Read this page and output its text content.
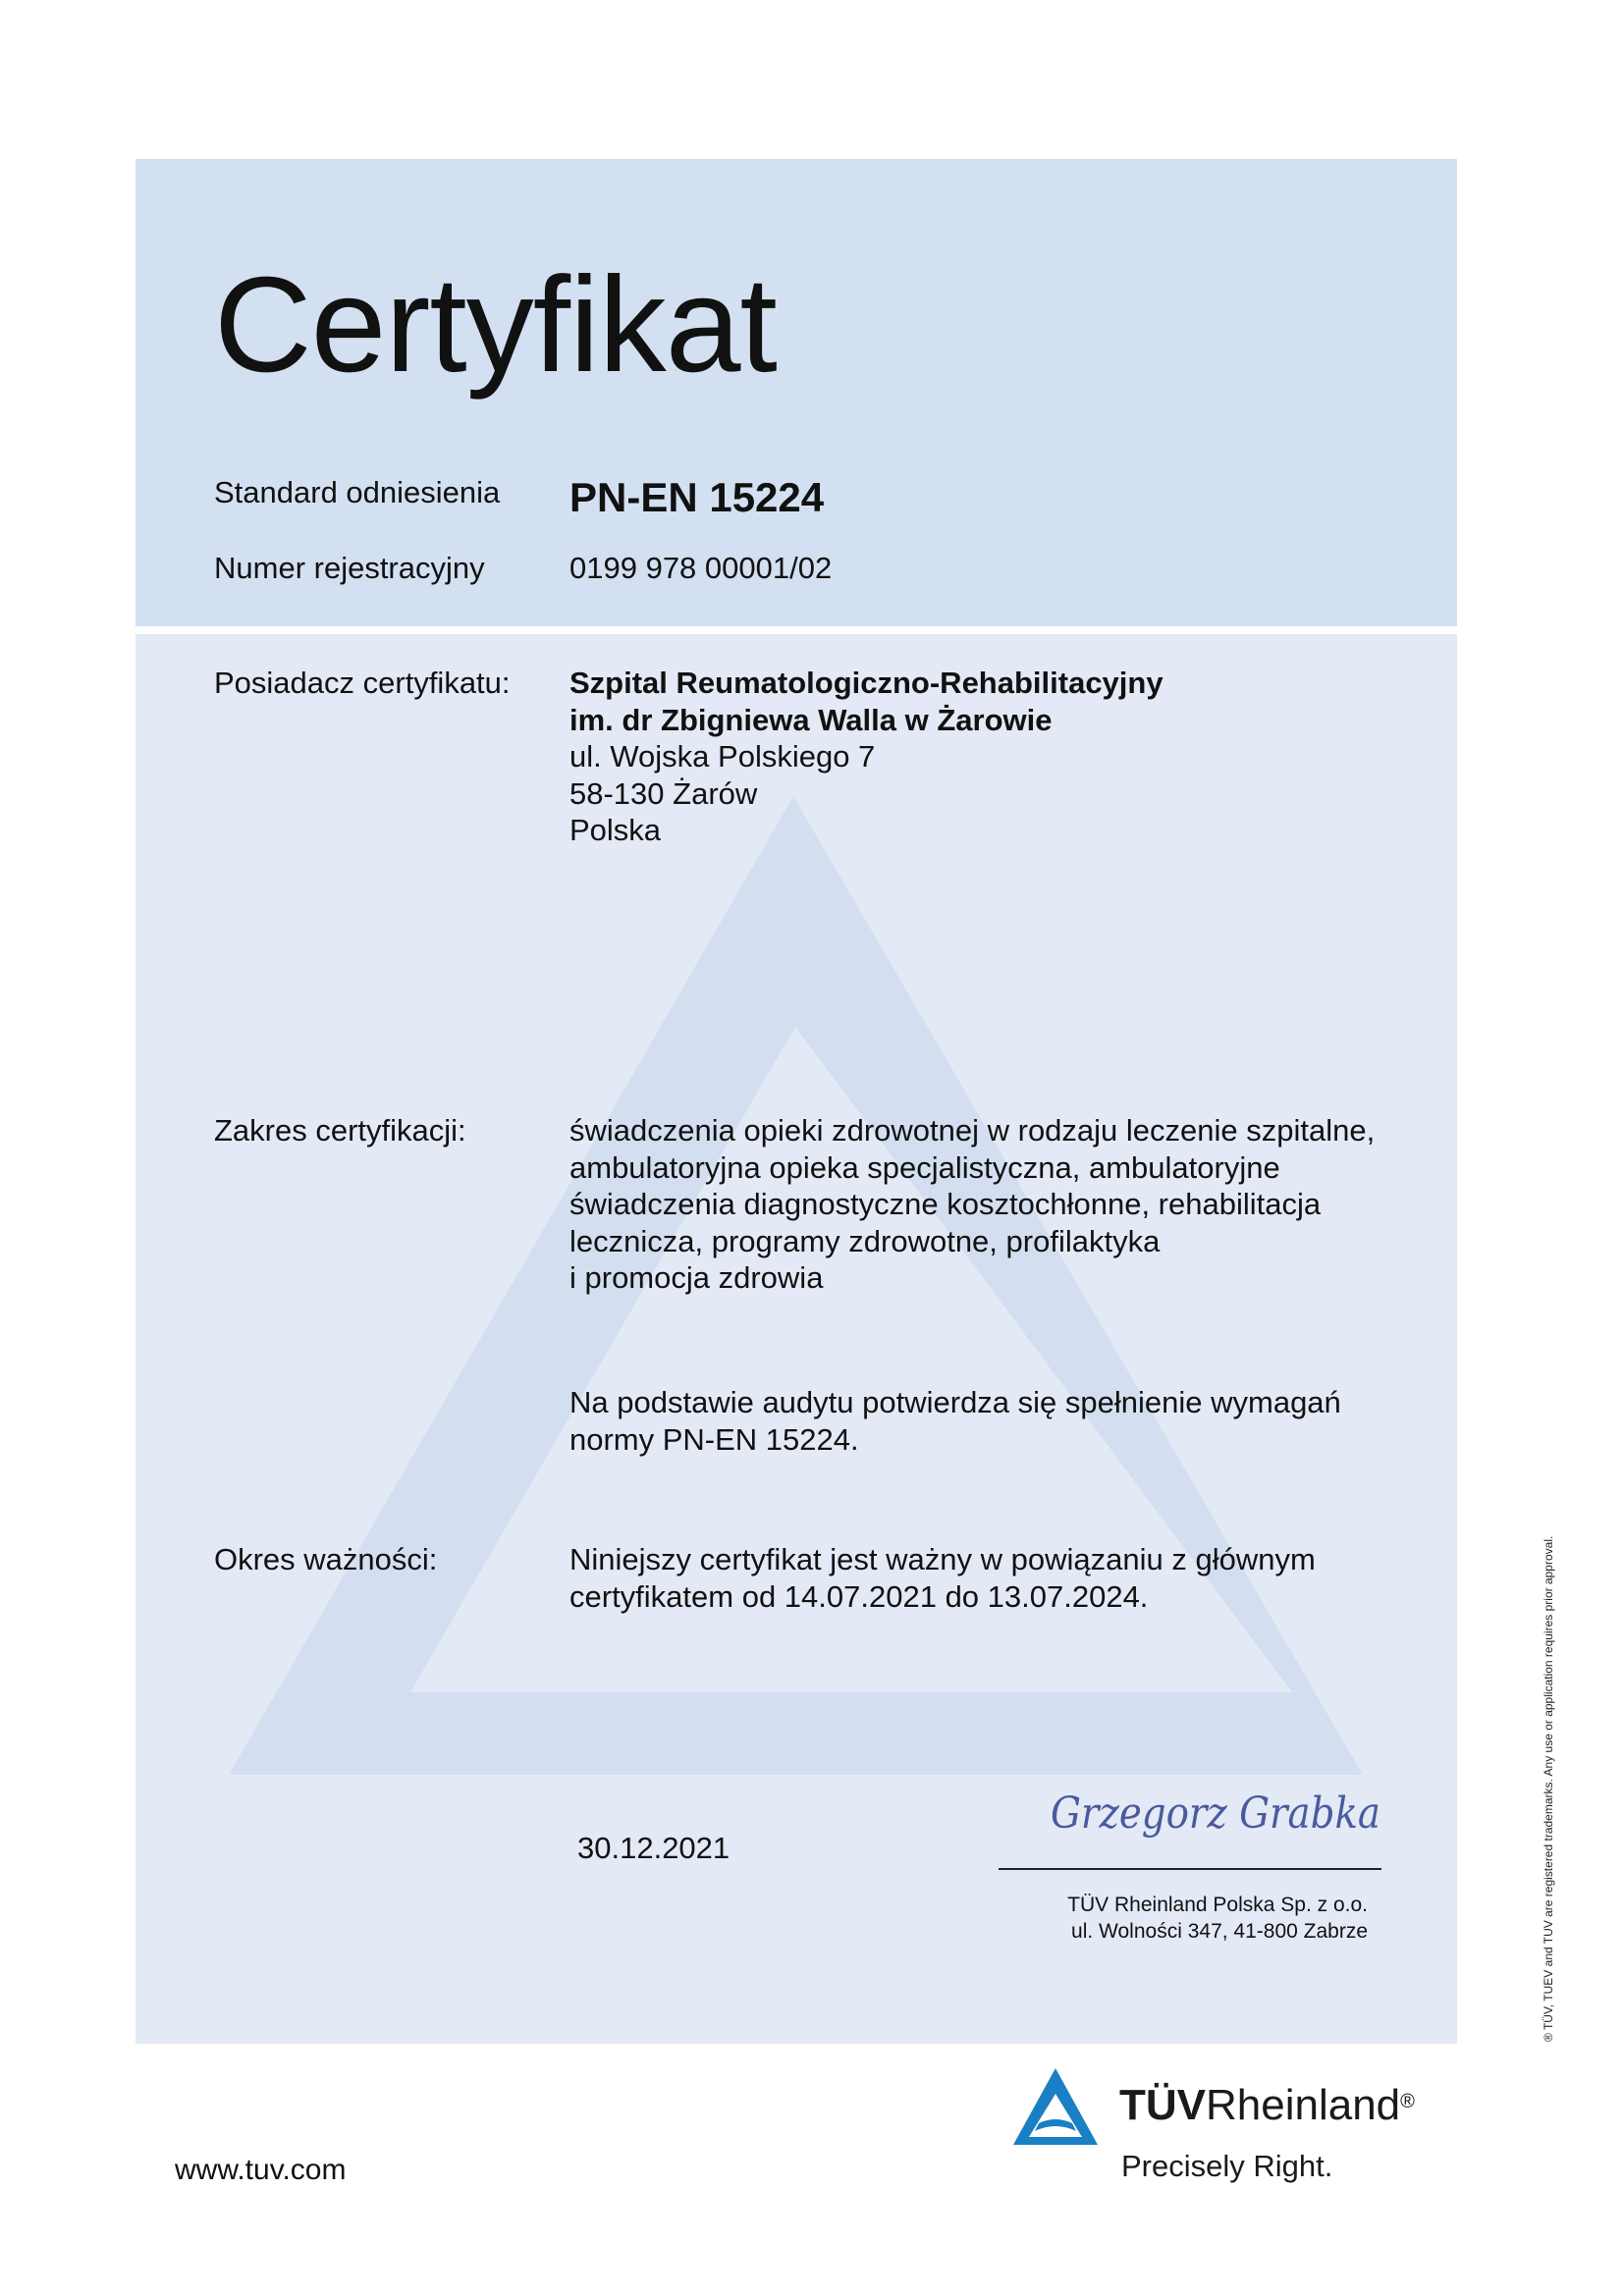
Certyfikat
Standard odniesienia PN-EN 15224
Numer rejestracyjny	0199 978 00001/02
Posiadacz certyfikatu: Szpital Reumatologiczno-Rehabilitacyjny
im. dr Zbigniewa Walla w Żarowie
ul. Wojska Polskiego 7
58-130 Żarów
Polska
Zakres certyfikacji:	świadczenia opieki zdrowotnej w rodzaju leczenie szpitalne,
ambulatoryjna opieka specjalistyczna, ambulatoryjne
świadczenia diagnostyczne kosztochłonne, rehabilitacja
lecznicza, programy zdrowotne, profilaktyka
i promocja zdrowia
Na podstawie audytu potwierdza się spełnienie wymagań
normy PN-EN 15224.
Okres ważności:	Niniejszy certyfikat jest ważny w powiązaniu z głównym
certyfikatem od 14.07.2021 do 13.07.2024.
Grzegorz Grabka
30.12.2021
TÜV Rheinland Polska Sp. z o.o.
ul. Wolności 347, 41-800 Zabrze	® TÜV, TUEV and TUV are registered trademarks. Any use or application requires prior approval.
www.tuv.com
TÜVRheinland®
Precisely Right.
